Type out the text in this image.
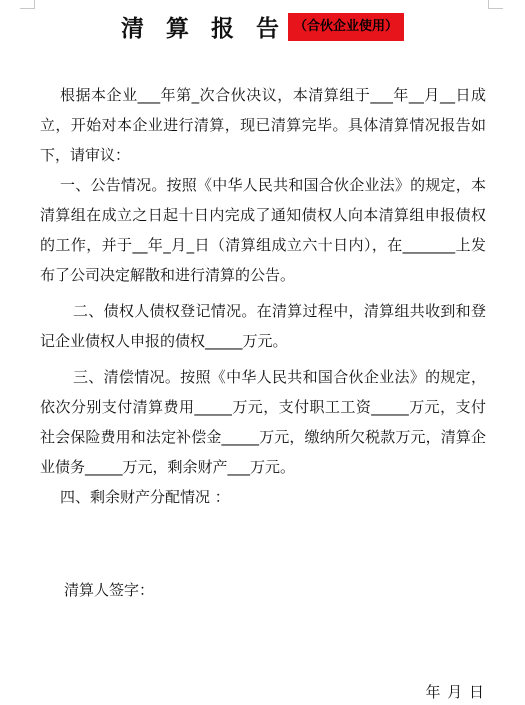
清 算 报 告 （合伙企业使用）

根据本企业___年第_次合伙决议，本清算组于___年__月__日成立，开始对本企业进行清算，现已清算完毕。具体清算情况报告如下，请审议：

一、公告情况。按照《中华人民共和国合伙企业法》的规定，本清算组在成立之日起十日内完成了通知债权人向本清算组申报债权的工作，并于__年_月_日（清算组成立六十日内），在_______上发布了公司决定解散和进行清算的公告。

二、债权人债权登记情况。在清算过程中，清算组共收到和登记企业债权人申报的债权_____万元。

三、清偿情况。按照《中华人民共和国合伙企业法》的规定，依次分别支付清算费用_____万元，支付职工工资_____万元，支付社会保险费用和法定补偿金_____万元，缴纳所欠税款万元，清算企业债务_____万元，剩余财产___万元。

四、剩余财产分配情况 ：

清算人签字：
年 月 日
